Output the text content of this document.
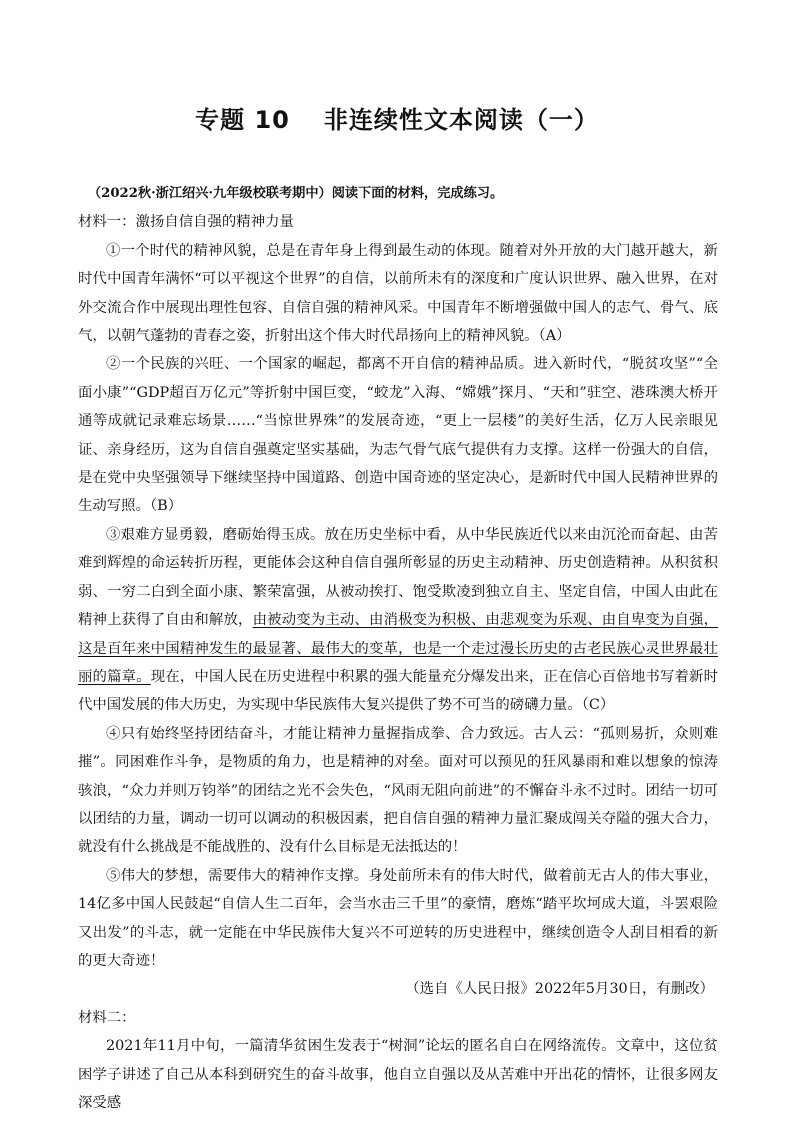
专题 10 非连续性文本阅读（一）

（2022秋·浙江绍兴·九年级校联考期中）阅读下面的材料，完成练习。

材料一：激扬自信自强的精神力量

①一个时代的精神风貌，总是在青年身上得到最生动的体现。随着对外开放的大门越开越大，新时代中国青年满怀“可以平视这个世界”的自信，以前所未有的深度和广度认识世界、融入世界，在对外交流合作中展现出理性包容、自信自强的精神风采。中国青年不断增强做中国人的志气、骨气、底气，以朝气蓬勃的青春之姿，折射出这个伟大时代昂扬向上的精神风貌。（A）

②一个民族的兴旺、一个国家的崛起，都离不开自信的精神品质。进入新时代，“脱贫攻坚”“全面小康”“GDP超百万亿元”等折射中国巨变，“蛟龙”入海、“嫦娥”探月、“天和”驻空、港珠澳大桥开通等成就记录难忘场景……“当惊世界殊”的发展奇迹，“更上一层楼”的美好生活，亿万人民亲眼见证、亲身经历，这为自信自强奠定坚实基础，为志气骨气底气提供有力支撑。这样一份强大的自信，是在党中央坚强领导下继续坚持中国道路、创造中国奇迹的坚定决心，是新时代中国人民精神世界的生动写照。（B）

③艰难方显勇毅，磨砺始得玉成。放在历史坐标中看，从中华民族近代以来由沉沦而奋起、由苦难到辉煌的命运转折历程，更能体会这种自信自强所彰显的历史主动精神、历史创造精神。从积贫积弱、一穷二白到全面小康、繁荣富强，从被动挨打、饱受欺凌到独立自主、坚定自信，中国人由此在精神上获得了自由和解放，由被动变为主动、由消极变为积极、由悲观变为乐观、由自卑变为自强，这是百年来中国精神发生的最显著、最伟大的变革，也是一个走过漫长历史的古老民族心灵世界最壮丽的篇章。现在，中国人民在历史进程中积累的强大能量充分爆发出来，正在信心百倍地书写着新时代中国发展的伟大历史，为实现中华民族伟大复兴提供了势不可当的磅礴力量。（C）

④只有始终坚持团结奋斗，才能让精神力量握指成拳、合力致远。古人云：“孤则易折，众则难摧”。同困难作斗争，是物质的角力，也是精神的对垒。面对可以预见的狂风暴雨和难以想象的惊涛骇浪，“众力并则万钧举”的团结之光不会失色，“风雨无阻向前进”的不懈奋斗永不过时。团结一切可以团结的力量，调动一切可以调动的积极因素，把自信自强的精神力量汇聚成闯关夺隘的强大合力，就没有什么挑战是不能战胜的、没有什么目标是无法抵达的！

⑤伟大的梦想，需要伟大的精神作支撑。身处前所未有的伟大时代，做着前无古人的伟大事业，14亿多中国人民鼓起“自信人生二百年，会当水击三千里”的豪情，磨炼“踏平坎坷成大道，斗罢艰险又出发”的斗志，就一定能在中华民族伟大复兴不可逆转的历史进程中，继续创造令人刮目相看的新的更大奇迹！

（选自《人民日报》2022年5月30日，有删改）

材料二：

2021年11月中旬，一篇清华贫困生发表于“树洞”论坛的匿名自白在网络流传。文章中，这位贫困学子讲述了自己从本科到研究生的奋斗故事，他自立自强以及从苦难中开出花的情怀，让很多网友深受感
